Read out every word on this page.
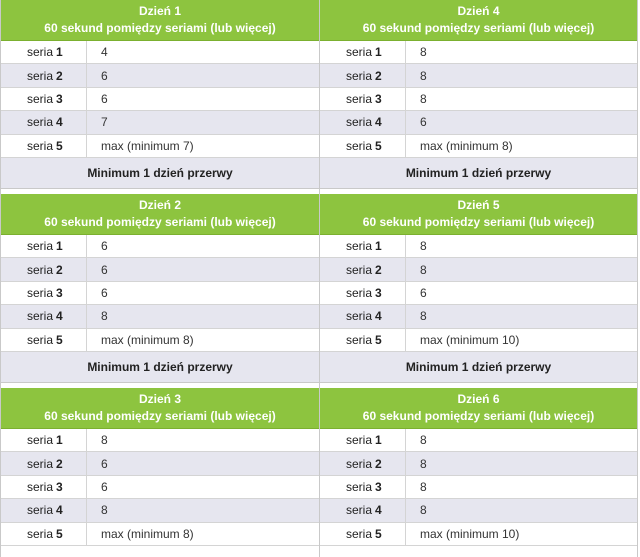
Dzień 1
60 sekund pomiędzy seriami (lub więcej)
seria 1	4
seria 2	6
seria 3	6
seria 4	7
seria 5	max (minimum 7)
Minimum 1 dzień przerwy
Dzień 4
60 sekund pomiędzy seriami (lub więcej)
seria 1	8
seria 2	8
seria 3	8
seria 4	6
seria 5	max (minimum 8)
Minimum 1 dzień przerwy
Dzień 2
60 sekund pomiędzy seriami (lub więcej)
seria 1	6
seria 2	6
seria 3	6
seria 4	8
seria 5	max (minimum 8)
Minimum 1 dzień przerwy
Dzień 5
60 sekund pomiędzy seriami (lub więcej)
seria 1	8
seria 2	8
seria 3	6
seria 4	8
seria 5	max (minimum 10)
Minimum 1 dzień przerwy
Dzień 3
60 sekund pomiędzy seriami (lub więcej)
seria 1	8
seria 2	6
seria 3	6
seria 4	8
seria 5	max (minimum 8)
Dzień 6
60 sekund pomiędzy seriami (lub więcej)
seria 1	8
seria 2	8
seria 3	8
seria 4	8
seria 5	max (minimum 10)
